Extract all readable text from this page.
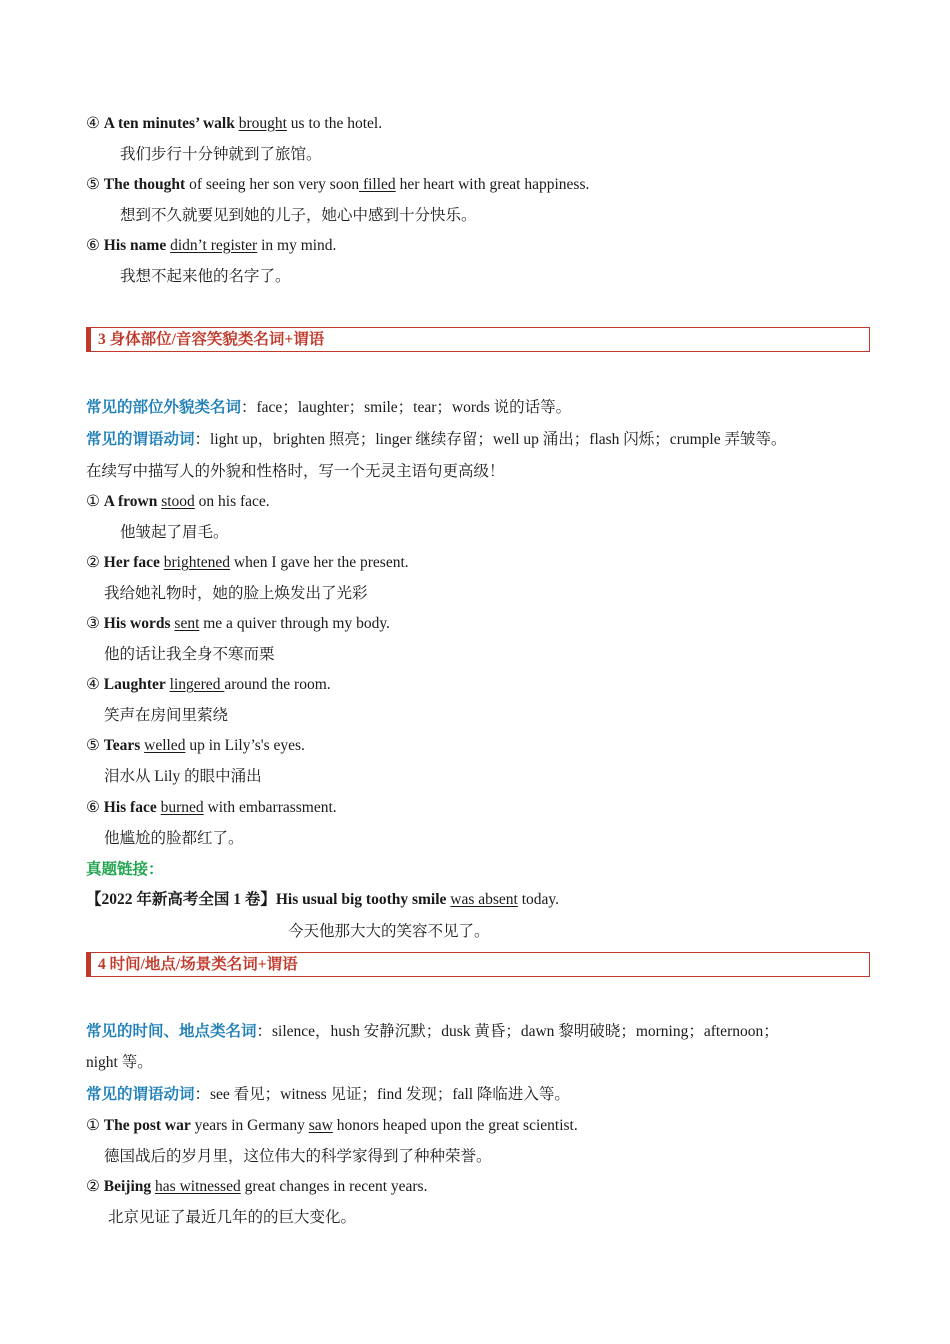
④ A ten minutes’ walk brought us to the hotel.
我们步行十分钟就到了旅馆。
⑤ The thought of seeing her son very soon filled her heart with great happiness.
想到不久就要见到她的儿子，她心中感到十分快乐。
⑥ His name didn’t register in my mind.
我想不起来他的名字了。
3 身体部位/音容笑貌类名词+谓语
常见的部位外貌类名词：face；laughter；smile；tear；words 说的话等。
常见的谓语动词：light up，brighten 照亮；linger 继续存留；well up 涌出；flash 闪烁；crumple 弄皱等。
在续写中描写人的外貌和性格时，写一个无灵主语句更高级！
① A frown stood on his face.
他皱起了眉毛。
② Her face brightened when I gave her the present.
我给她礼物时，她的脸上焕发出了光彩
③ His words sent me a quiver through my body.
他的话让我全身不寒而栗
④ Laughter lingered around the room.
笑声在房间里萦绕
⑤ Tears welled up in Lily’s's eyes.
泪水从 Lily 的眼中涌出
⑥ His face burned with embarrassment.
他尴尬的脸都红了。
真题链接：
【2022 年新高考全国 1 卷】His usual big toothy smile was absent today.
今天他那大大的笑容不见了。
4 时间/地点/场景类名词+谓语
常见的时间、地点类名词：silence，hush 安静沉默；dusk 黄昏；dawn 黎明破晓；morning；afternoon；
night 等。
常见的谓语动词：see 看见；witness 见证；find 发现；fall 降临进入等。
① The post war years in Germany saw honors heaped upon the great scientist.
德国战后的岁月里，这位伟大的科学家得到了种种荣誉。
② Beijing has witnessed great changes in recent years.
北京见证了最近几年的的巨大变化。
